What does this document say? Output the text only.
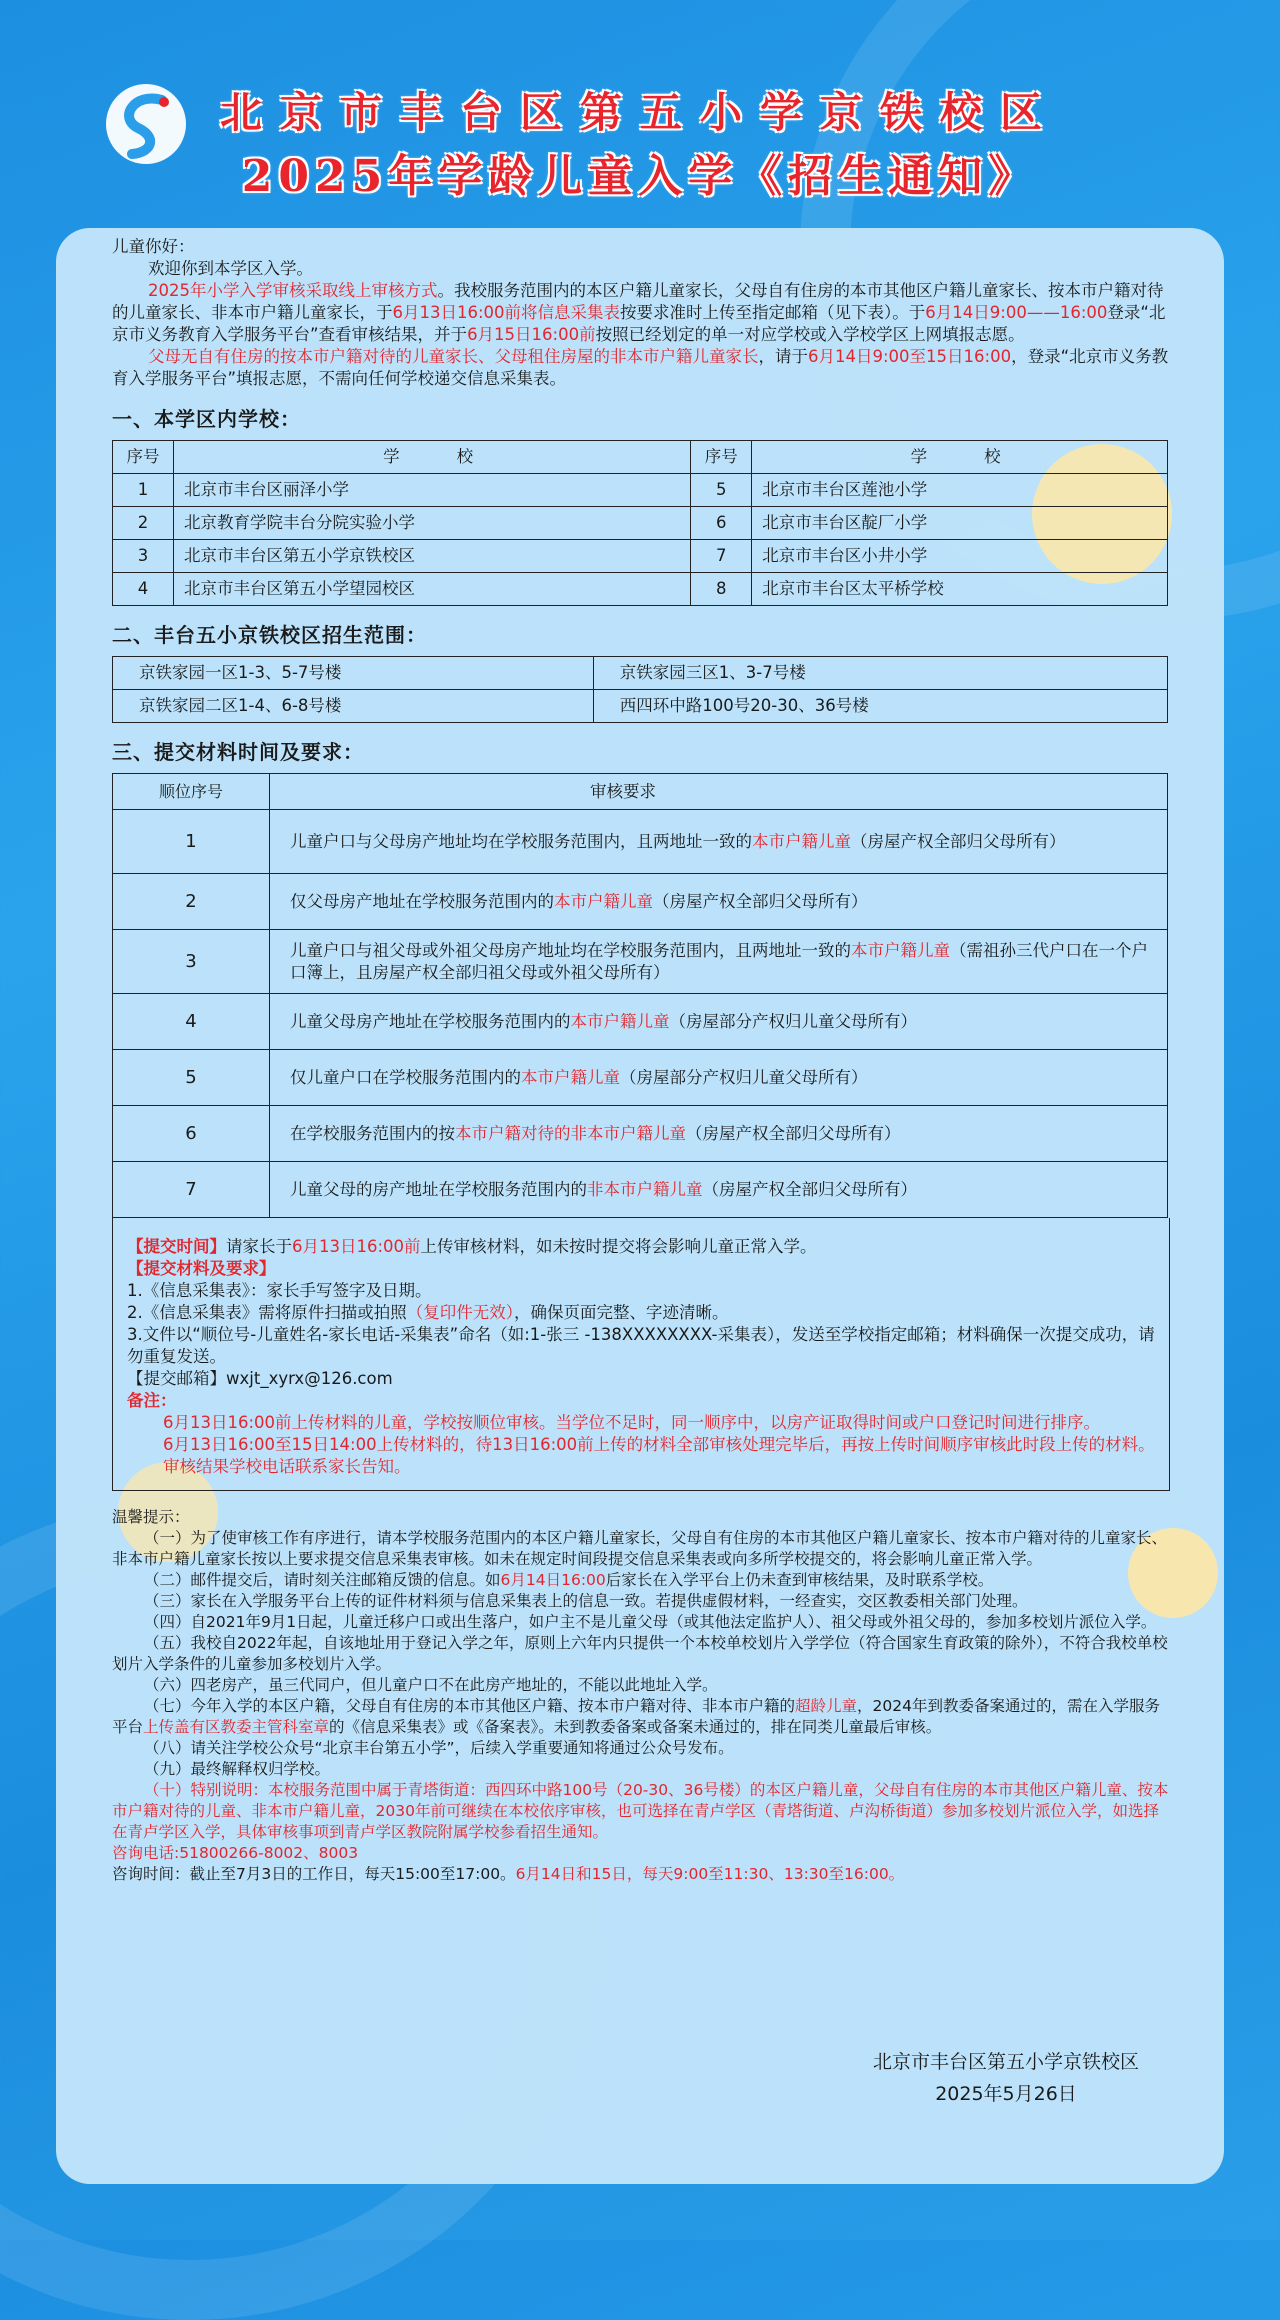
北京市丰台区第五小学京铁校区
2025年学龄儿童入学《招生通知》

儿童你好：

欢迎你到本学区入学。

2025年小学入学审核采取线上审核方式。我校服务范围内的本区户籍儿童家长，父母自有住房的本市其他区户籍儿童家长、按本市户籍对待的儿童家长、非本市户籍儿童家长，于6月13日16:00前将信息采集表按要求准时上传至指定邮箱（见下表）。于6月14日9:00——16:00登录“北京市义务教育入学服务平台”查看审核结果，并于6月15日16:00前按照已经划定的单一对应学校或入学校学区上网填报志愿。

父母无自有住房的按本市户籍对待的儿童家长、父母租住房屋的非本市户籍儿童家长，请于6月14日9:00至15日16:00，登录“北京市义务教育入学服务平台”填报志愿，不需向任何学校递交信息采集表。

一、本学区内学校：
序号	学　　校	序号	学　　校
1	北京市丰台区丽泽小学	5	北京市丰台区莲池小学
2	北京教育学院丰台分院实验小学	6	北京市丰台区靛厂小学
3	北京市丰台区第五小学京铁校区	7	北京市丰台区小井小学
4	北京市丰台区第五小学望园校区	8	北京市丰台区太平桥学校
二、丰台五小京铁校区招生范围：
京铁家园一区1-3、5-7号楼	京铁家园三区1、3-7号楼
京铁家园二区1-4、6-8号楼	西四环中路100号20-30、36号楼
三、提交材料时间及要求：
顺位序号	审核要求
1	儿童户口与父母房产地址均在学校服务范围内，且两地址一致的本市户籍儿童（房屋产权全部归父母所有）
2	仅父母房产地址在学校服务范围内的本市户籍儿童（房屋产权全部归父母所有）
3	儿童户口与祖父母或外祖父母房产地址均在学校服务范围内，且两地址一致的本市户籍儿童（需祖孙三代户口在一个户口簿上，且房屋产权全部归祖父母或外祖父母所有）
4	儿童父母房产地址在学校服务范围内的本市户籍儿童（房屋部分产权归儿童父母所有）
5	仅儿童户口在学校服务范围内的本市户籍儿童（房屋部分产权归儿童父母所有）
6	在学校服务范围内的按本市户籍对待的非本市户籍儿童（房屋产权全部归父母所有）
7	儿童父母的房产地址在学校服务范围内的非本市户籍儿童（房屋产权全部归父母所有）

【提交时间】请家长于6月13日16:00前上传审核材料，如未按时提交将会影响儿童正常入学。

【提交材料及要求】

1.《信息采集表》：家长手写签字及日期。

2.《信息采集表》需将原件扫描或拍照（复印件无效），确保页面完整、字迹清晰。

3.文件以“顺位号-儿童姓名-家长电话-采集表”命名（如:1-张三 -138XXXXXXXX-采集表），发送至学校指定邮箱；材料确保一次提交成功，请勿重复发送。

【提交邮箱】wxjt_xyrx@126.com

备注：

6月13日16:00前上传材料的儿童，学校按顺位审核。当学位不足时，同一顺序中，以房产证取得时间或户口登记时间进行排序。

6月13日16:00至15日14:00上传材料的，待13日16:00前上传的材料全部审核处理完毕后，再按上传时间顺序审核此时段上传的材料。

审核结果学校电话联系家长告知。

温馨提示：

（一）为了使审核工作有序进行，请本学校服务范围内的本区户籍儿童家长，父母自有住房的本市其他区户籍儿童家长、按本市户籍对待的儿童家长、非本市户籍儿童家长按以上要求提交信息采集表审核。如未在规定时间段提交信息采集表或向多所学校提交的，将会影响儿童正常入学。

（二）邮件提交后，请时刻关注邮箱反馈的信息。如6月14日16:00后家长在入学平台上仍未查到审核结果，及时联系学校。

（三）家长在入学服务平台上传的证件材料须与信息采集表上的信息一致。若提供虚假材料，一经查实，交区教委相关部门处理。

（四）自2021年9月1日起，儿童迁移户口或出生落户，如户主不是儿童父母（或其他法定监护人）、祖父母或外祖父母的，参加多校划片派位入学。

（五）我校自2022年起，自该地址用于登记入学之年，原则上六年内只提供一个本校单校划片入学学位（符合国家生育政策的除外），不符合我校单校划片入学条件的儿童参加多校划片入学。

（六）四老房产，虽三代同户，但儿童户口不在此房产地址的，不能以此地址入学。

（七）今年入学的本区户籍，父母自有住房的本市其他区户籍、按本市户籍对待、非本市户籍的超龄儿童，2024年到教委备案通过的，需在入学服务平台上传盖有区教委主管科室章的《信息采集表》或《备案表》。未到教委备案或备案未通过的，排在同类儿童最后审核。

（八）请关注学校公众号“北京丰台第五小学”，后续入学重要通知将通过公众号发布。

（九）最终解释权归学校。

（十）特别说明：本校服务范围中属于青塔街道：西四环中路100号（20-30、36号楼）的本区户籍儿童，父母自有住房的本市其他区户籍儿童、按本市户籍对待的儿童、非本市户籍儿童，2030年前可继续在本校依序审核，也可选择在青卢学区（青塔街道、卢沟桥街道）参加多校划片派位入学，如选择在青卢学区入学，具体审核事项到青卢学区教院附属学校参看招生通知。

咨询电话:51800266-8002、8003

咨询时间：截止至7月3日的工作日，每天15:00至17:00。6月14日和15日，每天9:00至11:30、13:30至16:00。

北京市丰台区第五小学京铁校区
2025年5月26日
